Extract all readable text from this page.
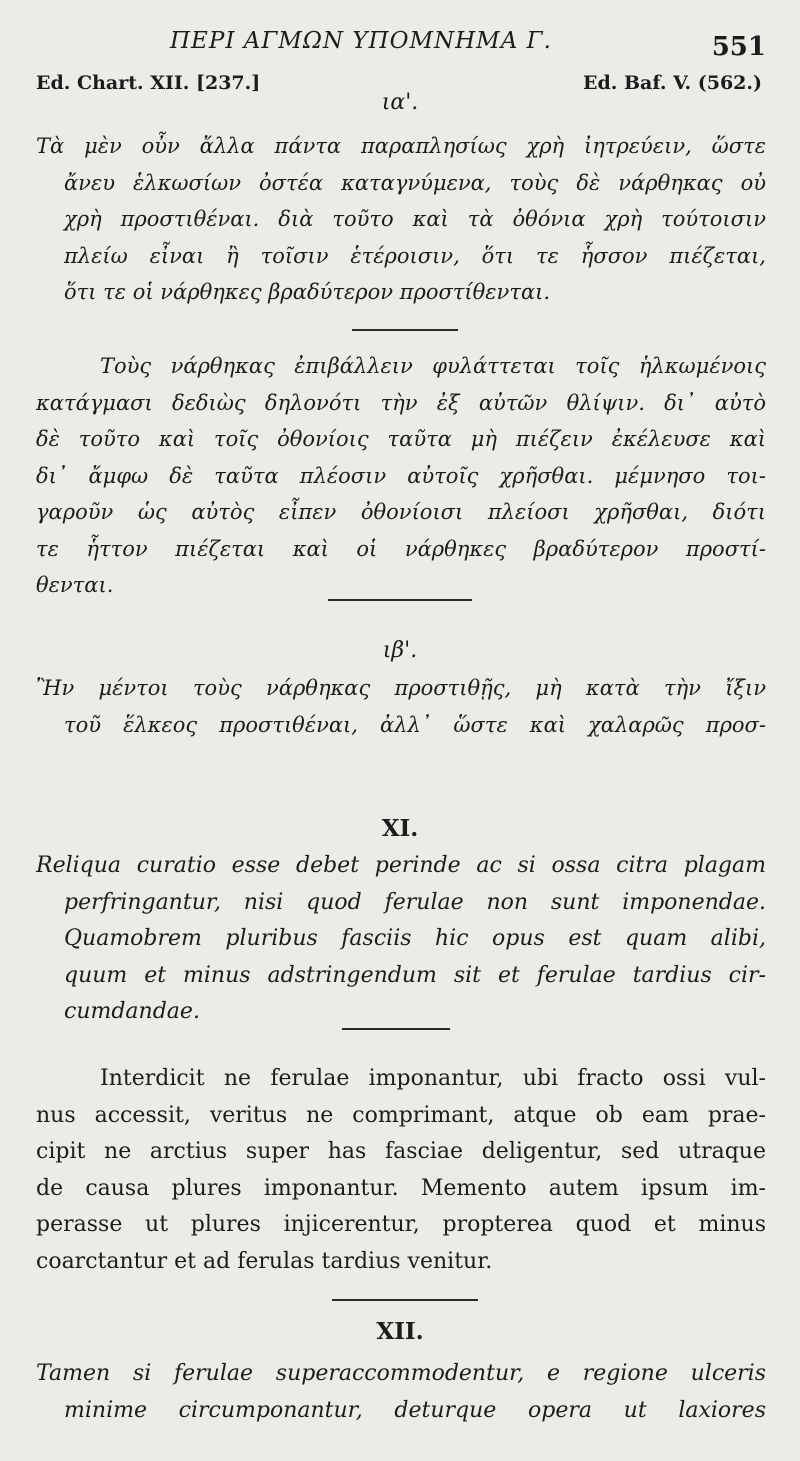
ΠΕΡΙ ΑΓΜΩΝ ΥΠΟΜΝΗΜΑ Γ.	551
Ed. Chart. XII. [237.]	Ed. Baf. V. (562.)
ια'.
Τὰ μὲν οὖν ἄλλα πάντα παραπλησίως χρὴ ἰητρεύειν, ὥστε
ἄνευ ἑλκωσίων ὀστέα καταγνύμενα, τοὺς δὲ νάρθηκας οὐ
χρὴ προστιθέναι. διὰ τοῦτο καὶ τὰ ὀθόνια χρὴ τούτοισιν
πλείω εἶναι ἢ τοῖσιν ἑτέροισιν, ὅτι τε ἧσσον πιέζεται,
ὅτι τε οἱ νάρθηκες βραδύτερον προστίθενται.
Τοὺς νάρθηκας ἐπιβάλλειν φυλάττεται τοῖς ἡλκωμένοις
κατάγμασι δεδιὼς δηλονότι τὴν ἐξ αὐτῶν θλίψιν. δι᾽ αὐτὸ
δὲ τοῦτο καὶ τοῖς ὀθονίοις ταῦτα μὴ πιέζειν ἐκέλευσε καὶ
δι᾽ ἄμφω δὲ ταῦτα πλέοσιν αὐτοῖς χρῆσθαι. μέμνησο τοι-
γαροῦν ὡς αὐτὸς εἶπεν ὀθονίοισι πλείοσι χρῆσθαι, διότι
τε ἧττον πιέζεται καὶ οἱ νάρθηκες βραδύτερον προστί-
θενται.
ιβ'.
Ἢν μέντοι τοὺς νάρθηκας προστιθῇς, μὴ κατὰ τὴν ἴξιν
τοῦ ἕλκεος προστιθέναι, ἀλλ᾽ ὥστε καὶ χαλαρῶς προσ-
XI.
Reliqua curatio esse debet perinde ac si ossa citra plagam
perfringantur, nisi quod ferulae non sunt imponendae.
Quamobrem pluribus fasciis hic opus est quam alibi,
quum et minus adstringendum sit et ferulae tardius cir-
cumdandae.
Interdicit ne ferulae imponantur, ubi fracto ossi vul-
nus accessit, veritus ne comprimant, atque ob eam prae-
cipit ne arctius super has fasciae deligentur, sed utraque
de causa plures imponantur. Memento autem ipsum im-
perasse ut plures injicerentur, propterea quod et minus
coarctantur et ad ferulas tardius venitur.
XII.
Tamen si ferulae superaccommodentur, e regione ulceris
minime circumponantur, deturque opera ut laxiores
